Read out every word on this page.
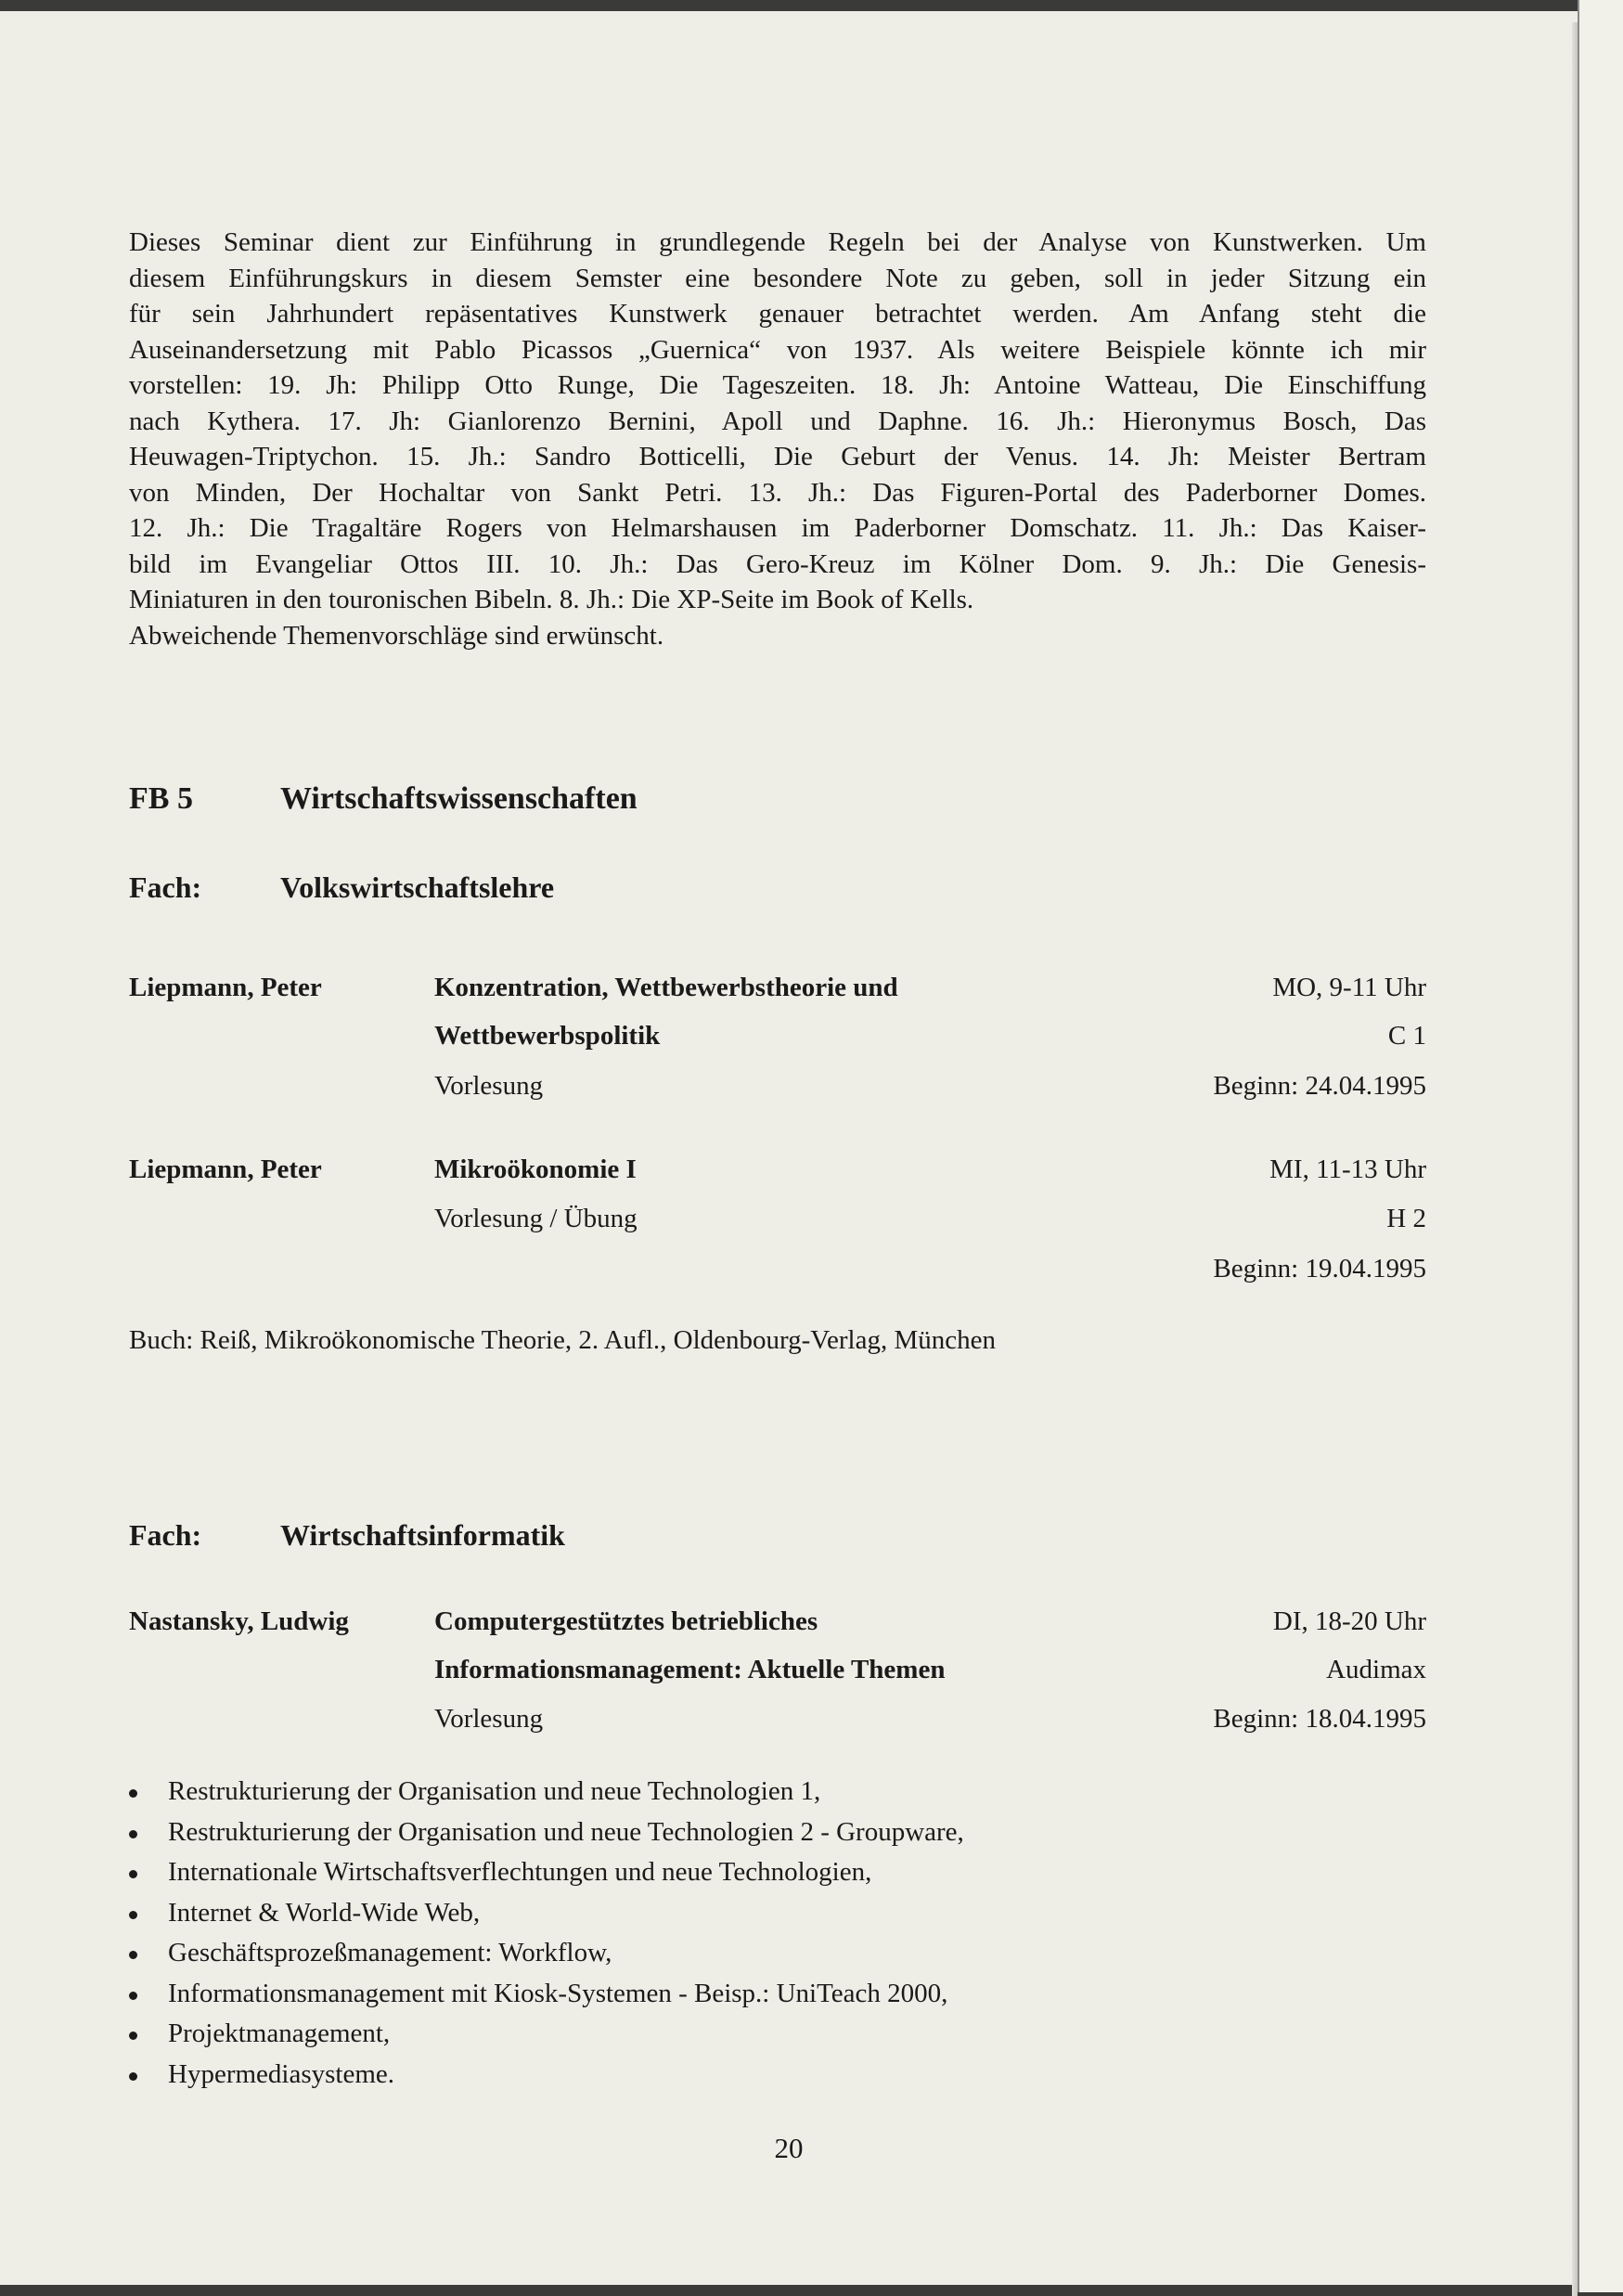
Dieses Seminar dient zur Einführung in grundlegende Regeln bei der Analyse von Kunstwerken. Um
diesem Einführungskurs in diesem Semster eine besondere Note zu geben, soll in jeder Sitzung ein
für sein Jahrhundert repäsentatives Kunstwerk genauer betrachtet werden. Am Anfang steht die
Auseinandersetzung mit Pablo Picassos „Guernica“ von 1937. Als weitere Beispiele könnte ich mir
vorstellen: 19. Jh: Philipp Otto Runge, Die Tageszeiten. 18. Jh: Antoine Watteau, Die Einschiffung
nach Kythera. 17. Jh: Gianlorenzo Bernini, Apoll und Daphne. 16. Jh.: Hieronymus Bosch, Das
Heuwagen-Triptychon. 15. Jh.: Sandro Botticelli, Die Geburt der Venus. 14. Jh: Meister Bertram
von Minden, Der Hochaltar von Sankt Petri. 13. Jh.: Das Figuren-Portal des Paderborner Domes.
12. Jh.: Die Tragaltäre Rogers von Helmarshausen im Paderborner Domschatz. 11. Jh.: Das Kaiser-
bild im Evangeliar Ottos III. 10. Jh.: Das Gero-Kreuz im Kölner Dom. 9. Jh.: Die Genesis-
Miniaturen in den touronischen Bibeln. 8. Jh.: Die XP-Seite im Book of Kells.
Abweichende Themenvorschläge sind erwünscht.
FB 5	Wirtschaftswissenschaften
Fach:	Volkswirtschaftslehre
Liepmann, Peter	Konzentration, Wettbewerbstheorie und	MO, 9-11 Uhr
Wettbewerbspolitik	C 1
Vorlesung	Beginn: 24.04.1995
Liepmann, Peter	Mikroökonomie I	MI, 11-13 Uhr
Vorlesung / Übung	H 2
Beginn: 19.04.1995
Buch: Reiß, Mikroökonomische Theorie, 2. Aufl., Oldenbourg-Verlag, München
Fach:	Wirtschaftsinformatik
Nastansky, Ludwig	Computergestütztes betriebliches	DI, 18-20 Uhr
Informationsmanagement: Aktuelle Themen	Audimax
Vorlesung	Beginn: 18.04.1995
Restrukturierung der Organisation und neue Technologien 1,
Restrukturierung der Organisation und neue Technologien 2 - Groupware,
Internationale Wirtschaftsverflechtungen und neue Technologien,
Internet & World-Wide Web,
Geschäftsprozeßmanagement: Workflow,
Informationsmanagement mit Kiosk-Systemen - Beisp.: UniTeach 2000,
Projektmanagement,
Hypermediasysteme.
20
